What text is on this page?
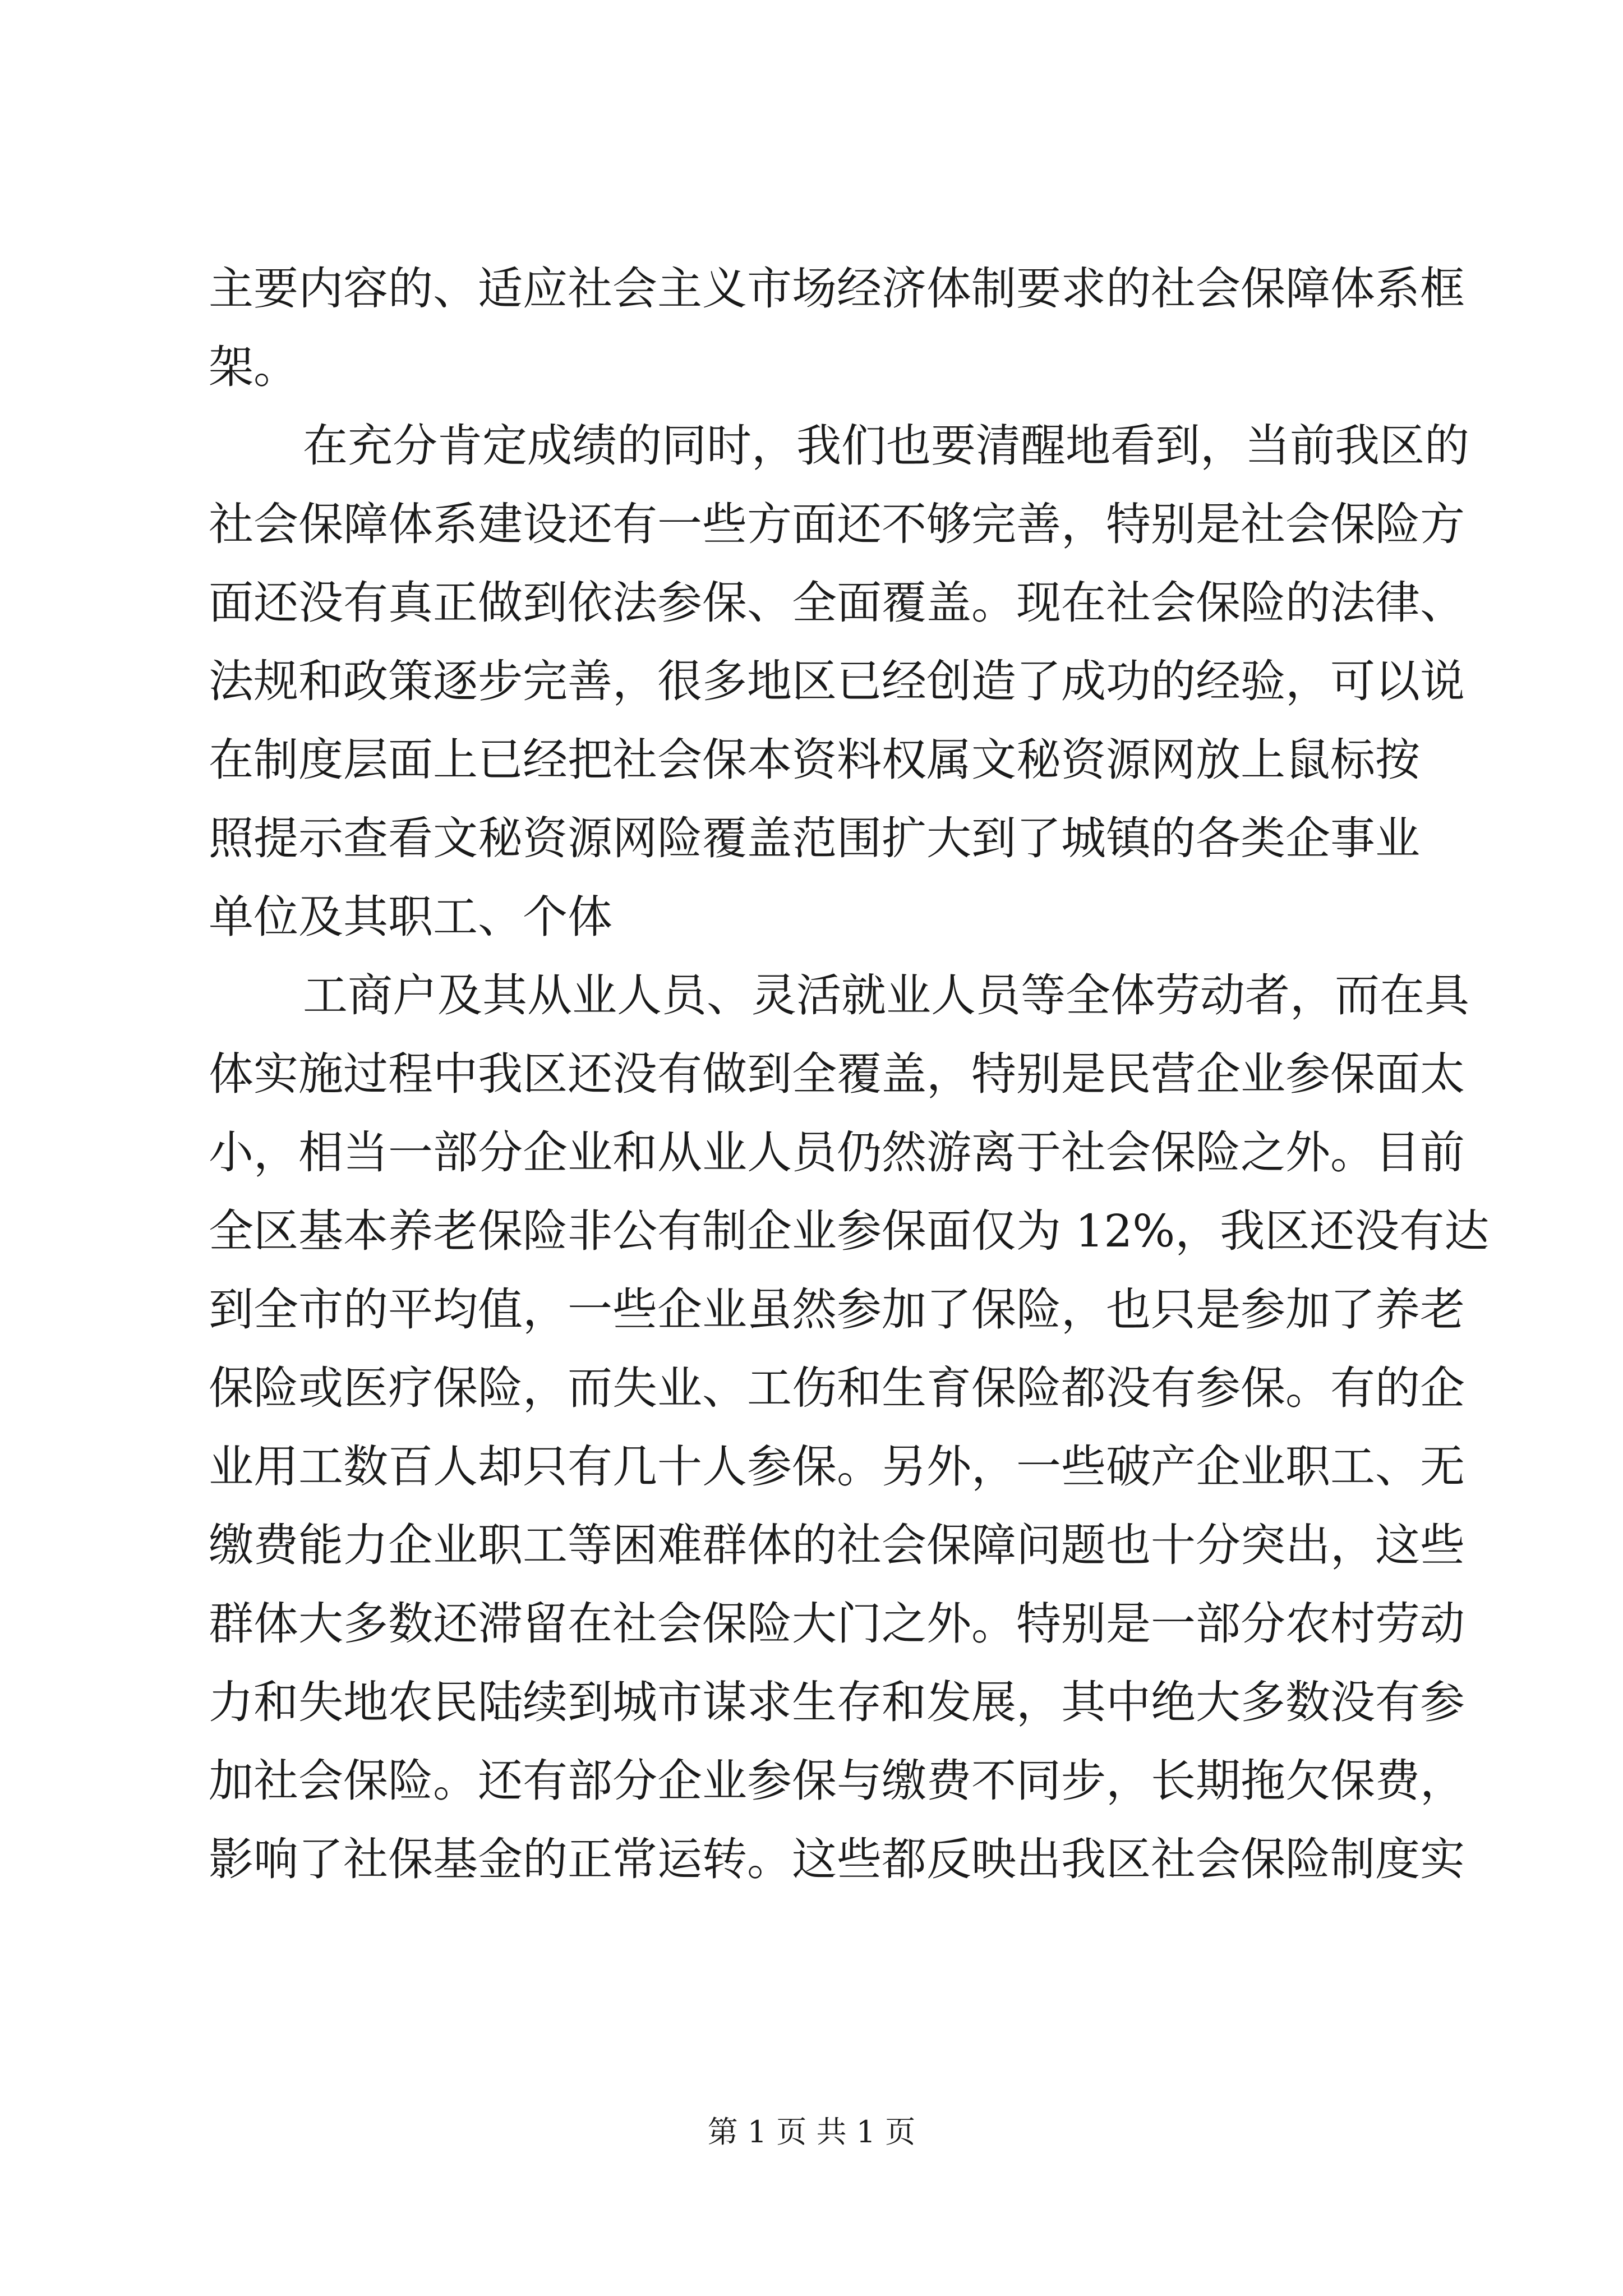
主要内容的、适应社会主义市场经济体制要求的社会保障体系框
架。
在充分肯定成绩的同时，我们也要清醒地看到，当前我区的
社会保障体系建设还有一些方面还不够完善，特别是社会保险方
面还没有真正做到依法参保、全面覆盖。现在社会保险的法律、
法规和政策逐步完善，很多地区已经创造了成功的经验，可以说
在制度层面上已经把社会保本资料权属文秘资源网放上鼠标按
照提示查看文秘资源网险覆盖范围扩大到了城镇的各类企事业
单位及其职工、个体
工商户及其从业人员、灵活就业人员等全体劳动者，而在具
体实施过程中我区还没有做到全覆盖，特别是民营企业参保面太
小，相当一部分企业和从业人员仍然游离于社会保险之外。目前
全区基本养老保险非公有制企业参保面仅为 12%，我区还没有达
到全市的平均值，一些企业虽然参加了保险，也只是参加了养老
保险或医疗保险，而失业、工伤和生育保险都没有参保。有的企
业用工数百人却只有几十人参保。另外，一些破产企业职工、无
缴费能力企业职工等困难群体的社会保障问题也十分突出，这些
群体大多数还滞留在社会保险大门之外。特别是一部分农村劳动
力和失地农民陆续到城市谋求生存和发展，其中绝大多数没有参
加社会保险。还有部分企业参保与缴费不同步，长期拖欠保费，
影响了社保基金的正常运转。这些都反映出我区社会保险制度实
第 1 页 共 1 页
